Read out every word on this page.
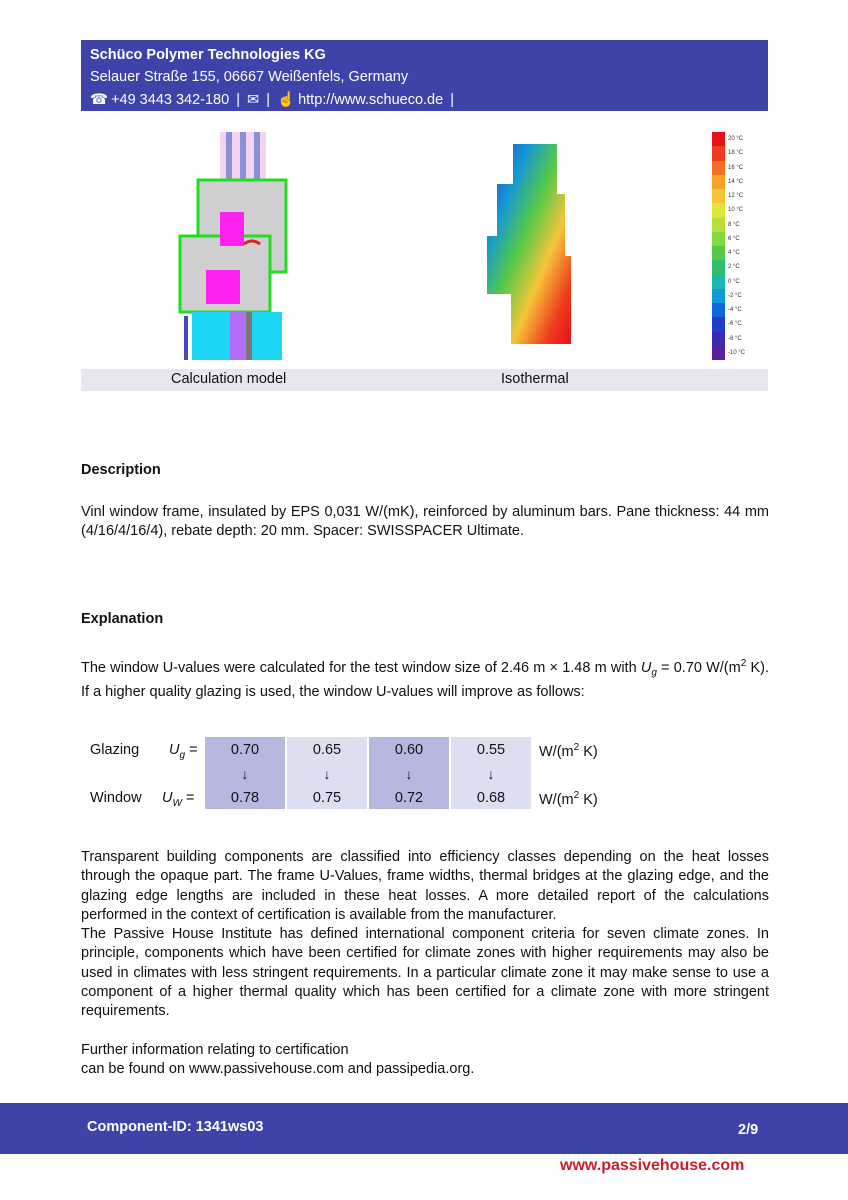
Schüco Polymer Technologies KG
Selauer Straße 155, 06667 Weißenfels, Germany
☎ +49 3443 342-180 | ✉ | ☝ http://www.schueco.de |
20 °C
18 °C
16 °C
14 °C
12 °C
10 °C
8 °C
6 °C
4 °C
2 °C
0 °C
-2 °C
-4 °C
-6 °C
-8 °C
-10 °C
Calculation model	Isothermal
Description
Vinl window frame, insulated by EPS 0,031 W/(mK), reinforced by aluminum bars. Pane thickness: 44 mm (4/16/4/16/4), rebate depth: 20 mm. Spacer: SWISSPACER Ultimate.
Explanation
The window U-values were calculated for the test window size of 2.46 m × 1.48 m with $U_g = 0.70$ $W/(m^2$ K). If a higher quality glazing is used, the window U-values will improve as follows:
Glazing $U_g$ =
Window $U_W$ =
0.70
↓
0.78
0.65
↓
0.75
0.60
↓
0.72
0.55
↓
0.68
$W/(m^2$ K)
$W/(m^2$ K)
Transparent building components are classified into efficiency classes depending on the heat losses through the opaque part. The frame U-Values, frame widths, thermal bridges at the glazing edge, and the glazing edge lengths are included in these heat losses. A more detailed report of the calculations performed in the context of certification is available from the manufacturer.
The Passive House Institute has defined international component criteria for seven climate zones. In principle, components which have been certified for climate zones with higher requirements may also be used in climates with less stringent requirements. In a particular climate zone it may make sense to use a component of a higher thermal quality which has been certified for a climate zone with more stringent requirements.
Further information relating to certification
can be found on www.passivehouse.com and passipedia.org.
Component-ID: 1341ws03	2/9
www.passivehouse.com
